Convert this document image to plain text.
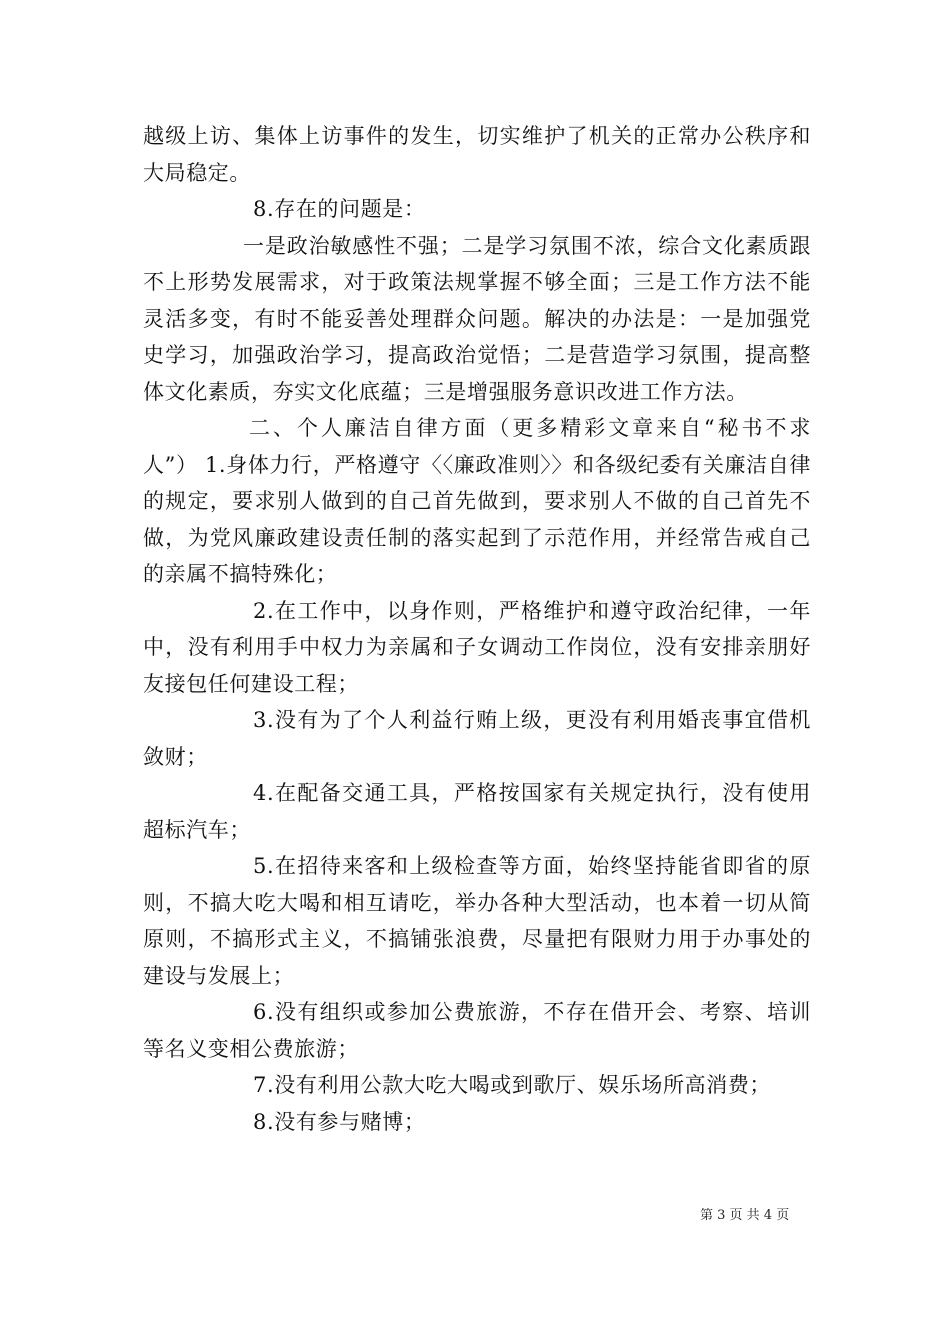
越级上访、集体上访事件的发生，切实维护了机关的正常办公秩序和大局稳定。

8.存在的问题是：

一是政治敏感性不强；二是学习氛围不浓，综合文化素质跟不上形势发展需求，对于政策法规掌握不够全面；三是工作方法不能灵活多变，有时不能妥善处理群众问题。解决的办法是：一是加强党史学习，加强政治学习，提高政治觉悟；二是营造学习氛围，提高整体文化素质，夯实文化底蕴；三是增强服务意识改进工作方法。

二、个人廉洁自律方面（更多精彩文章来自“秘书不求人”） 1.身体力行，严格遵守〈〈廉政准则〉〉和各级纪委有关廉洁自律的规定，要求别人做到的自己首先做到，要求别人不做的自己首先不做，为党风廉政建设责任制的落实起到了示范作用，并经常告戒自己的亲属不搞特殊化；

2.在工作中，以身作则，严格维护和遵守政治纪律，一年中，没有利用手中权力为亲属和子女调动工作岗位，没有安排亲朋好友接包任何建设工程；

3.没有为了个人利益行贿上级，更没有利用婚丧事宜借机敛财；

4.在配备交通工具，严格按国家有关规定执行，没有使用超标汽车；

5.在招待来客和上级检查等方面，始终坚持能省即省的原则，不搞大吃大喝和相互请吃，举办各种大型活动，也本着一切从简原则，不搞形式主义，不搞铺张浪费，尽量把有限财力用于办事处的建设与发展上；

6.没有组织或参加公费旅游，不存在借开会、考察、培训等名义变相公费旅游；

7.没有利用公款大吃大喝或到歌厅、娱乐场所高消费；

8.没有参与赌博；

第 3 页 共 4 页
